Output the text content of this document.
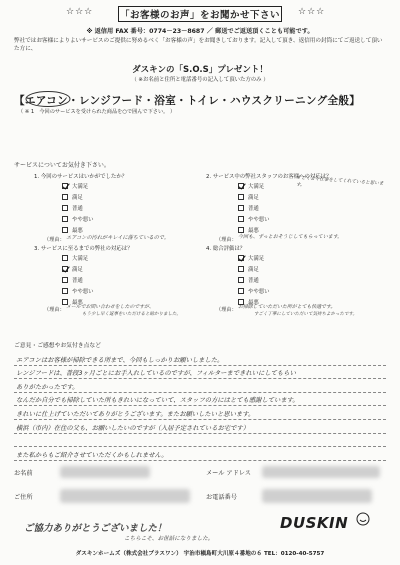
☆☆☆	「お客様のお声」をお聞かせ下さい ☆☆☆
※ 返信用 FAX 番号：0774－23－8687 ／ 郵送でご返送頂くことも可能です。
弊社ではお客様によりよいサービスのご提供に努めるべく「お客様の声」をお聞きしております。記入して頂き、返信用の封筒にてご返送して頂いた方に、
ダスキンの「S.O.S」プレゼント！
（ ※お名前と住所と電話番号の記入して頂いた方のみ ）
【エアコン・レンジフード・浴室・トイレ・ハウスクリーニング全般】
（ ※ 1　今回のサービスを受けられた商品を○で囲んで下さい。 ）
サービスについてお気付き下さい。
1. 今回のサービスはいかがでしたか？
大満足
満足
普通
やや悪い
最悪
（理由： エアコンの汚れがキレイに落ちているので。
2. サービス中の弊社スタッフのお客様への対応は？
大満足
満足
普通
やや悪い
最悪
（理由： 今回も、ずっとおそうじしてもらっています。
すごくよく仕事をしてくれていると思います。
3. サービスに至るまでの弊社の対応は？
大満足
満足
普通
やや悪い
最悪
（理由： メールでお問い合わせをしたのですが、
もう少し早く返事をいただけると助かりました。
4. 総合評価は？
大満足
満足
普通
やや悪い
最悪
（理由： お掃除していただいた所がとても快適です。
すごく丁寧にしていただいて気持ちよかったです。
ご意見・ご感想やお気付き点など
エアコンはお客様が掃除できる所まで、今回もしっかりお願いしました。
レンジフードは、普段3ヶ月ごとにお手入れしているのですが、フィルターまできれいにしてもらい
ありがたかったです。
なんだか自分でも掃除していた所もきれいになっていて、スタッフの方にはとても感謝しています。
きれいに仕上げていただいてありがとうございます。またお願いしたいと思います。
横浜（市内）在住の父も、お願いしたいのですが（入居予定されているお宅です）
また私からもご紹介させていただくかもしれません。
お名前	メール アドレス
ご住所	お電話番号
ご協力ありがとうございました！
こちらこそ、お世話になりました。
DUSKIN
ダスキンホームズ（株式会社プラスワン） 宇治市槇島町大川原４番地の６ TEL：0120-40-5757
